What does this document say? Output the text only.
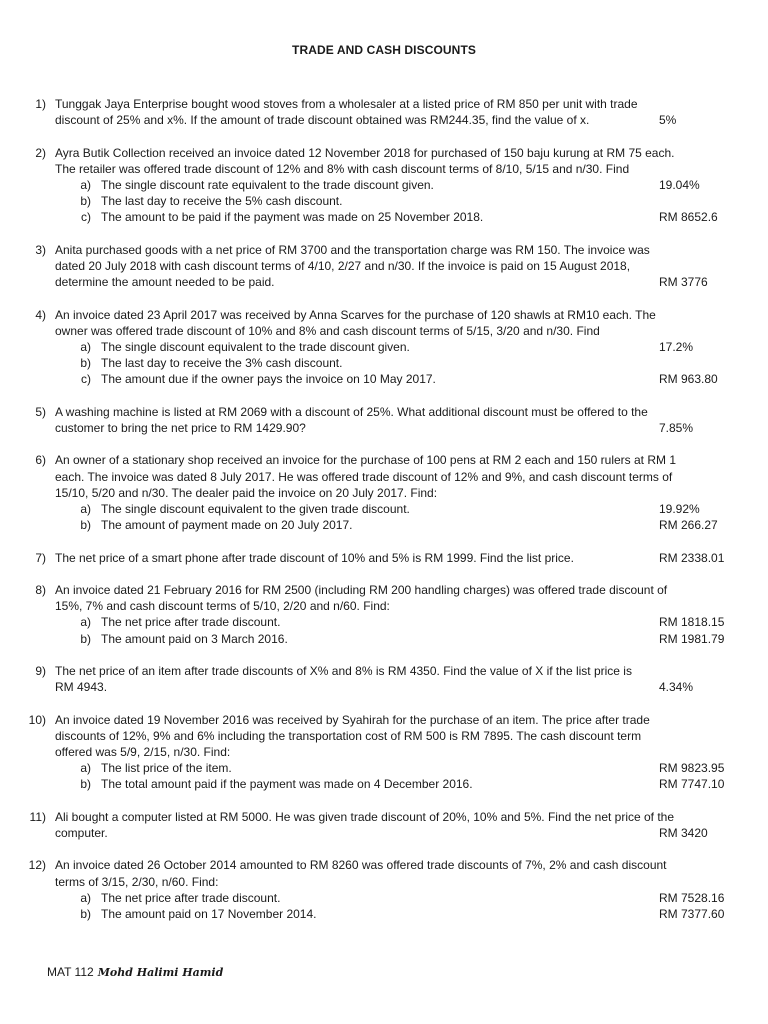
TRADE AND CASH DISCOUNTS
1) Tunggak Jaya Enterprise bought wood stoves from a wholesaler at a listed price of RM 850 per unit with trade
discount of 25% and x%. If the amount of trade discount obtained was RM244.35, find the value of x.	5%
2) Ayra Butik Collection received an invoice dated 12 November 2018 for purchased of 150 baju kurung at RM 75 each.
The retailer was offered trade discount of 12% and 8% with cash discount terms of 8/10, 5/15 and n/30. Find
a) The single discount rate equivalent to the trade discount given.	19.04%
b) The last day to receive the 5% cash discount.
c) The amount to be paid if the payment was made on 25 November 2018.	RM 8652.6
3) Anita purchased goods with a net price of RM 3700 and the transportation charge was RM 150. The invoice was
dated 20 July 2018 with cash discount terms of 4/10, 2/27 and n/30. If the invoice is paid on 15 August 2018,
determine the amount needed to be paid.	RM 3776
4) An invoice dated 23 April 2017 was received by Anna Scarves for the purchase of 120 shawls at RM10 each. The
owner was offered trade discount of 10% and 8% and cash discount terms of 5/15, 3/20 and n/30. Find
a) The single discount equivalent to the trade discount given.	17.2%
b) The last day to receive the 3% cash discount.
c) The amount due if the owner pays the invoice on 10 May 2017.	RM 963.80
5) A washing machine is listed at RM 2069 with a discount of 25%. What additional discount must be offered to the
customer to bring the net price to RM 1429.90?	7.85%
6) An owner of a stationary shop received an invoice for the purchase of 100 pens at RM 2 each and 150 rulers at RM 1
each. The invoice was dated 8 July 2017. He was offered trade discount of 12% and 9%, and cash discount terms of
15/10, 5/20 and n/30. The dealer paid the invoice on 20 July 2017. Find:
a) The single discount equivalent to the given trade discount.	19.92%
b) The amount of payment made on 20 July 2017.	RM 266.27
7) The net price of a smart phone after trade discount of 10% and 5% is RM 1999. Find the list price.	RM 2338.01
8) An invoice dated 21 February 2016 for RM 2500 (including RM 200 handling charges) was offered trade discount of
15%, 7% and cash discount terms of 5/10, 2/20 and n/60. Find:
a) The net price after trade discount.	RM 1818.15
b) The amount paid on 3 March 2016.	RM 1981.79
9) The net price of an item after trade discounts of X% and 8% is RM 4350. Find the value of X if the list price is
RM 4943.	4.34%
10) An invoice dated 19 November 2016 was received by Syahirah for the purchase of an item. The price after trade
discounts of 12%, 9% and 6% including the transportation cost of RM 500 is RM 7895. The cash discount term
offered was 5/9, 2/15, n/30. Find:
a) The list price of the item.	RM 9823.95
b) The total amount paid if the payment was made on 4 December 2016.	RM 7747.10
11) Ali bought a computer listed at RM 5000. He was given trade discount of 20%, 10% and 5%. Find the net price of the
computer.	RM 3420
12) An invoice dated 26 October 2014 amounted to RM 8260 was offered trade discounts of 7%, 2% and cash discount
terms of 3/15, 2/30, n/60. Find:
a) The net price after trade discount.	RM 7528.16
b) The amount paid on 17 November 2014.	RM 7377.60
MAT 112 Mohd Halimi Hamid
